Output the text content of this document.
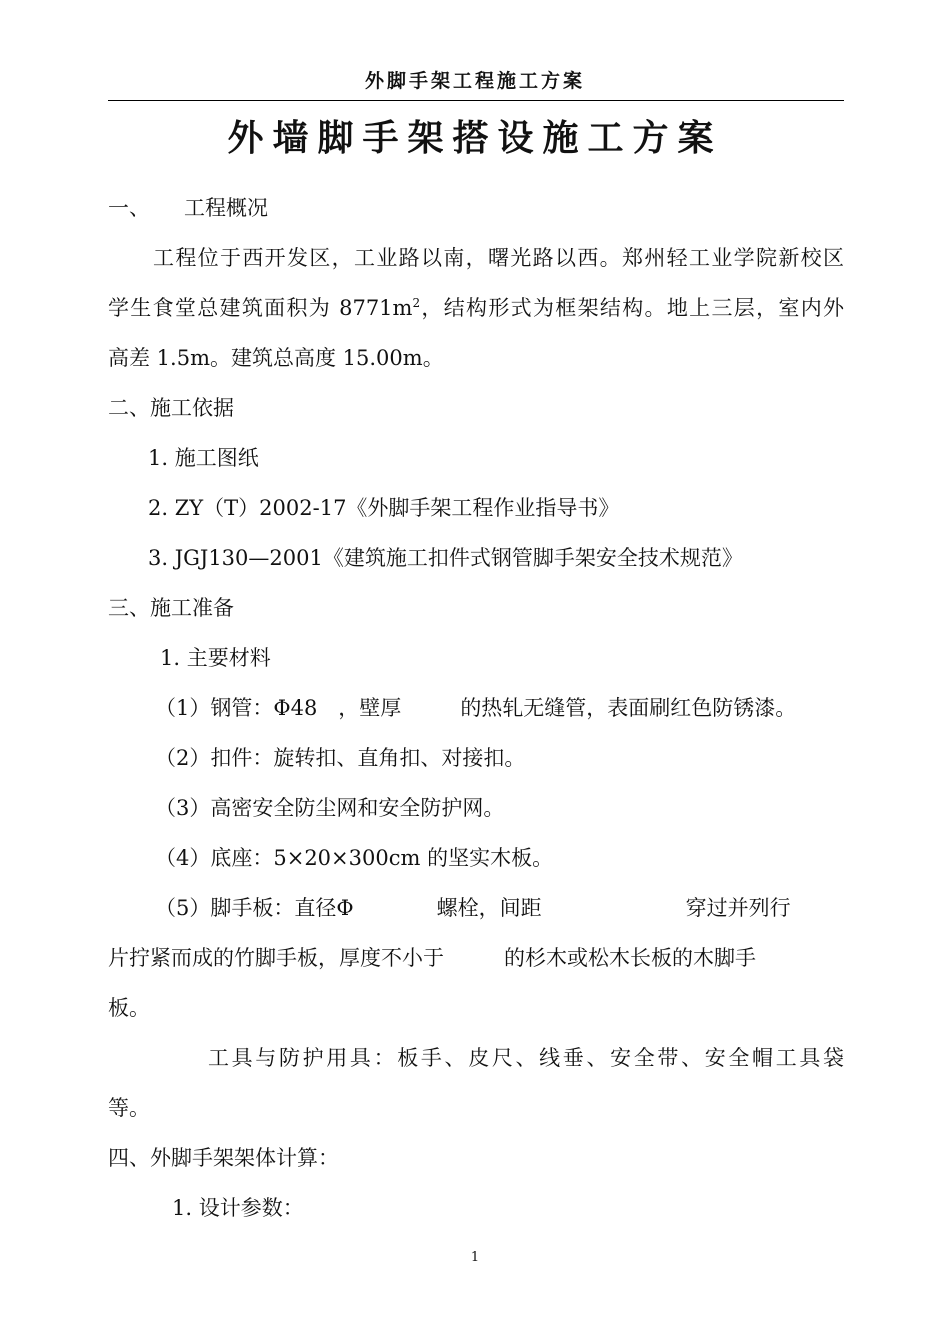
外脚手架工程施工方案
外墙脚手架搭设施工方案
一、 工程概况
工程位于西开发区，工业路以南，曙光路以西。郑州轻工业学院新校区
学生食堂总建筑面积为 $8771m^2$，结构形式为框架结构。地上三层，室内外
高差 1.5m。建筑总高度 15.00m。
二、施工依据
1. 施工图纸
2. ZY（T）2002-17《外脚手架工程作业指导书》
3. JGJ130—2001《建筑施工扣件式钢管脚手架安全技术规范》
三、施工准备
1. 主要材料
（1）钢管：Φ48　，壁厚	的热轧无缝管，表面刷红色防锈漆。
（2）扣件：旋转扣、直角扣、对接扣。
（3）高密安全防尘网和安全防护网。
（4）底座：5×20×300cm 的坚实木板。
（5）脚手板：直径Φ	螺栓，间距	穿过并列行
片拧紧而成的竹脚手板，厚度不小于	的杉木或松木长板的木脚手
板。
工具与防护用具：板手、皮尺、线垂、安全带、安全帽工具袋
等。
四、外脚手架架体计算：
1. 设计参数：
1
